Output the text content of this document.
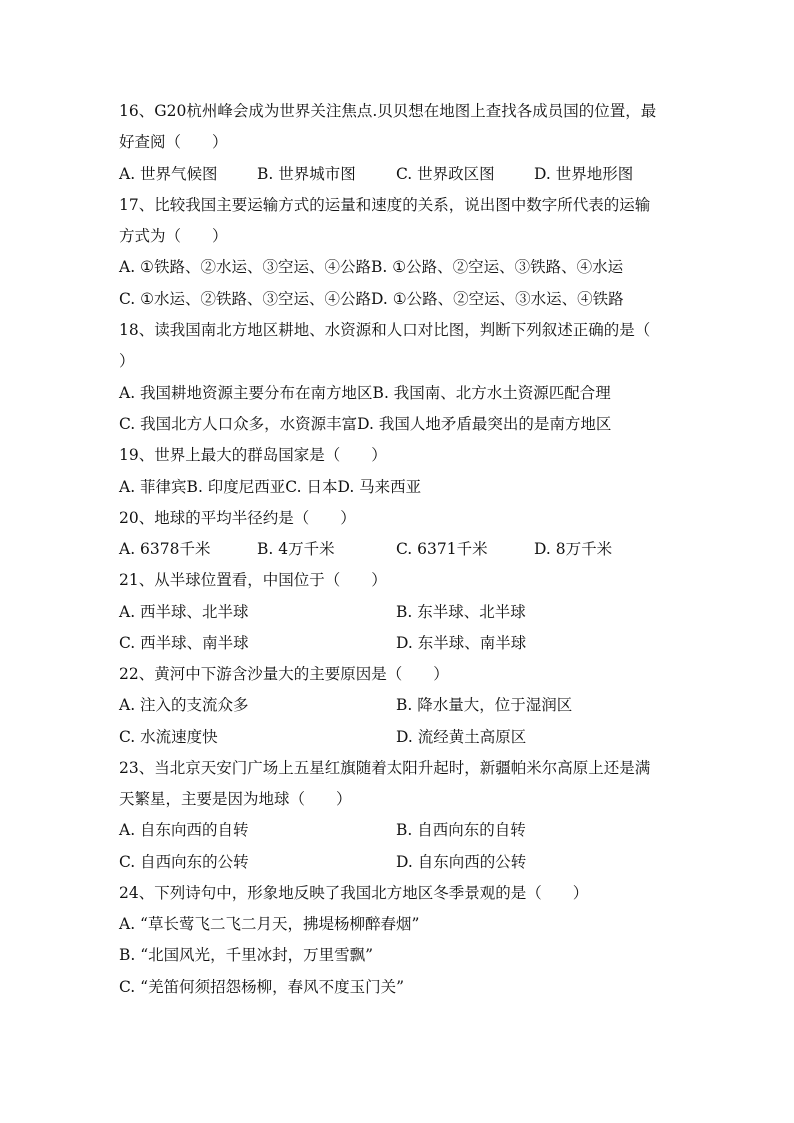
16、G20杭州峰会成为世界关注焦点.贝贝想在地图上查找各成员国的位置，最
好查阅（　　）
A. 世界气候图	B. 世界城市图	C. 世界政区图	D. 世界地形图
17、比较我国主要运输方式的运量和速度的关系，说出图中数字所代表的运输
方式为（　　）
A. ①铁路、②水运、③空运、④公路B. ①公路、②空运、③铁路、④水运
C. ①水运、②铁路、③空运、④公路D. ①公路、②空运、③水运、④铁路
18、读我国南北方地区耕地、水资源和人口对比图，判断下列叙述正确的是（
）
A. 我国耕地资源主要分布在南方地区B. 我国南、北方水土资源匹配合理
C. 我国北方人口众多，水资源丰富D. 我国人地矛盾最突出的是南方地区
19、世界上最大的群岛国家是（　　）
A. 菲律宾B. 印度尼西亚C. 日本D. 马来西亚
20、地球的平均半径约是（　　）
A. 6378千米	B. 4万千米	C. 6371千米	D. 8万千米
21、从半球位置看，中国位于（　　）
A. 西半球、北半球	B. 东半球、北半球
C. 西半球、南半球	D. 东半球、南半球
22、黄河中下游含沙量大的主要原因是（　　）
A. 注入的支流众多	B. 降水量大，位于湿润区
C. 水流速度快	D. 流经黄土高原区
23、当北京天安门广场上五星红旗随着太阳升起时，新疆帕米尔高原上还是满
天繁星，主要是因为地球（　　）
A. 自东向西的自转	B. 自西向东的自转
C. 自西向东的公转	D. 自东向西的公转
24、下列诗句中，形象地反映了我国北方地区冬季景观的是（　　）
A. “草长莺飞二飞二月天，拂堤杨柳醉春烟”
B. “北国风光，千里冰封，万里雪飘”
C. “羌笛何须招怨杨柳，春风不度玉门关”
